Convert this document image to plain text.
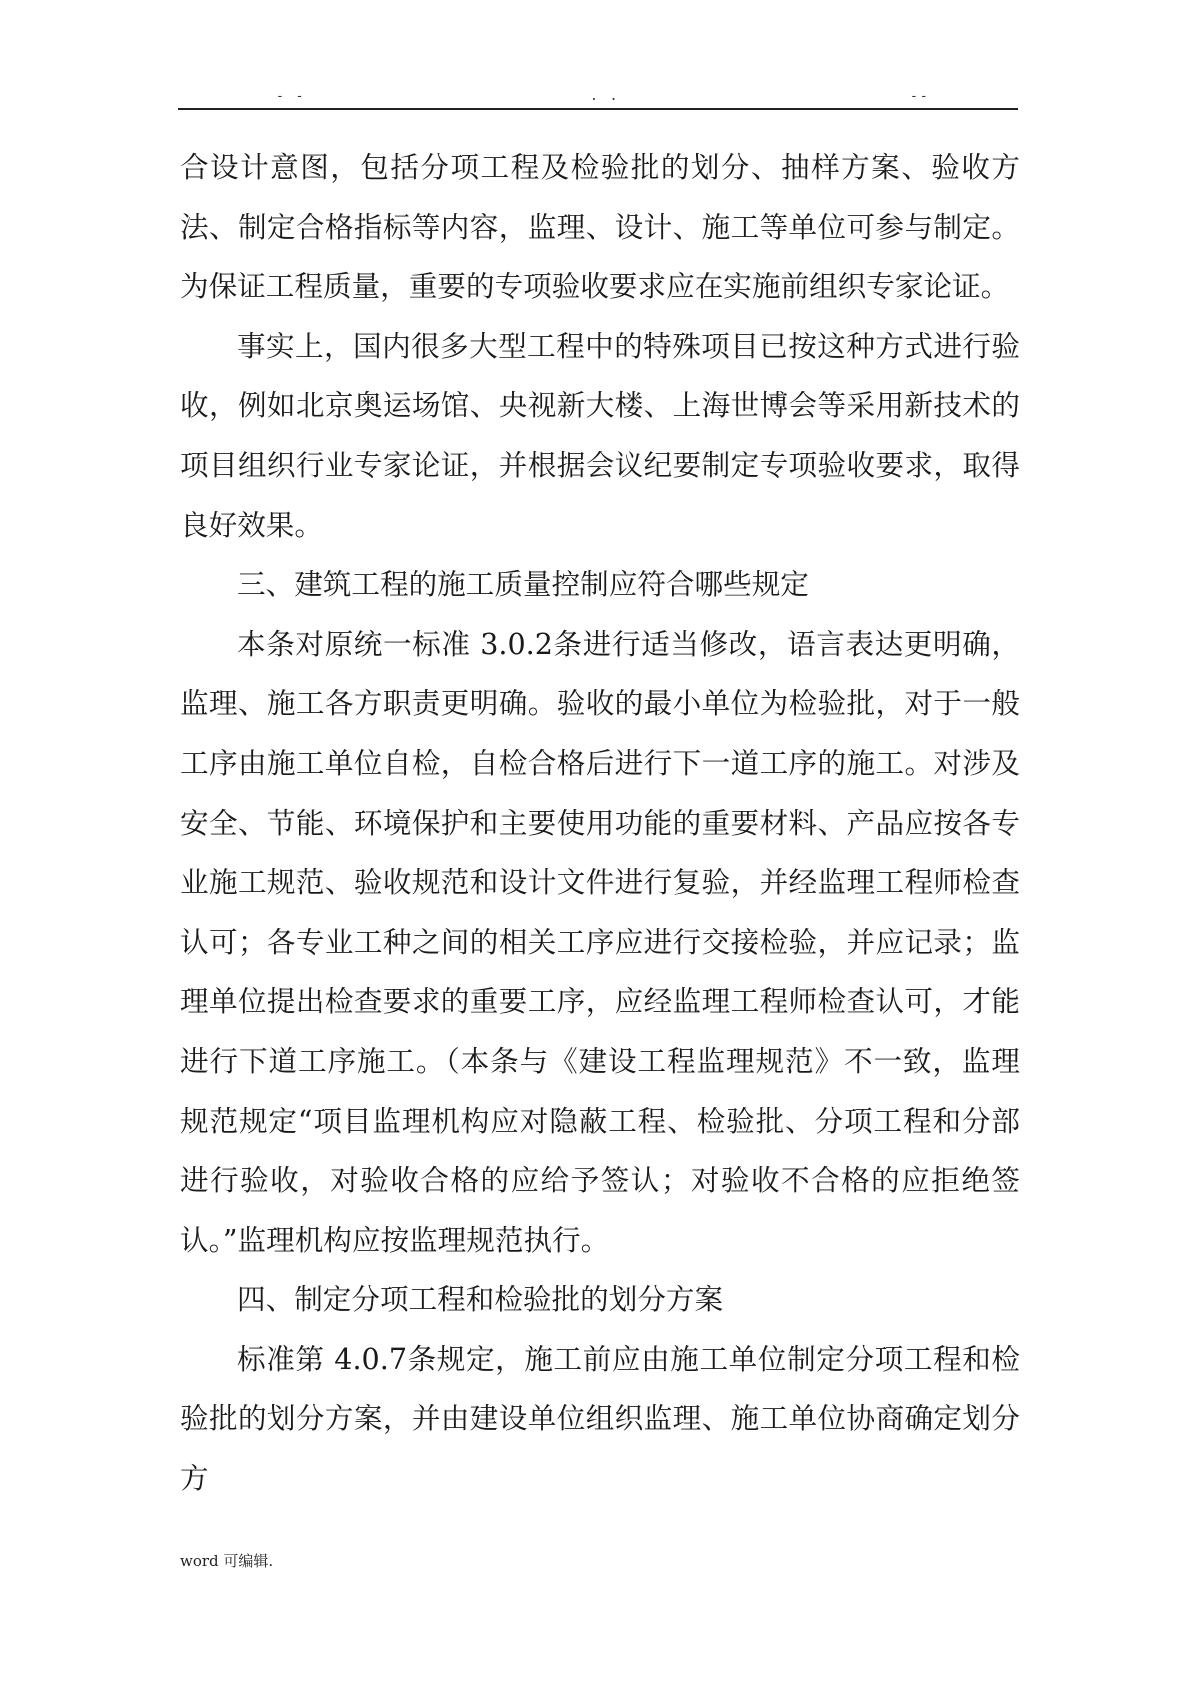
- -	. .	--

合设计意图，包括分项工程及检验批的划分、抽样方案、验收方法、制定合格指标等内容，监理、设计、施工等单位可参与制定。为保证工程质量，重要的专项验收要求应在实施前组织专家论证。

事实上，国内很多大型工程中的特殊项目已按这种方式进行验收，例如北京奥运场馆、央视新大楼、上海世博会等采用新技术的项目组织行业专家论证，并根据会议纪要制定专项验收要求，取得良好效果。

三、建筑工程的施工质量控制应符合哪些规定

本条对原统一标准 3.0.2条进行适当修改，语言表达更明确，监理、施工各方职责更明确。验收的最小单位为检验批，对于一般工序由施工单位自检，自检合格后进行下一道工序的施工。对涉及安全、节能、环境保护和主要使用功能的重要材料、产品应按各专业施工规范、验收规范和设计文件进行复验，并经监理工程师检查认可；各专业工种之间的相关工序应进行交接检验，并应记录；监理单位提出检查要求的重要工序，应经监理工程师检查认可，才能进行下道工序施工。（本条与《建设工程监理规范》不一致，监理规范规定“项目监理机构应对隐蔽工程、检验批、分项工程和分部进行验收，对验收合格的应给予签认；对验收不合格的应拒绝签认。”监理机构应按监理规范执行。

四、制定分项工程和检验批的划分方案

标准第 4.0.7条规定，施工前应由施工单位制定分项工程和检验批的划分方案，并由建设单位组织监理、施工单位协商确定划分方

word 可编辑.
